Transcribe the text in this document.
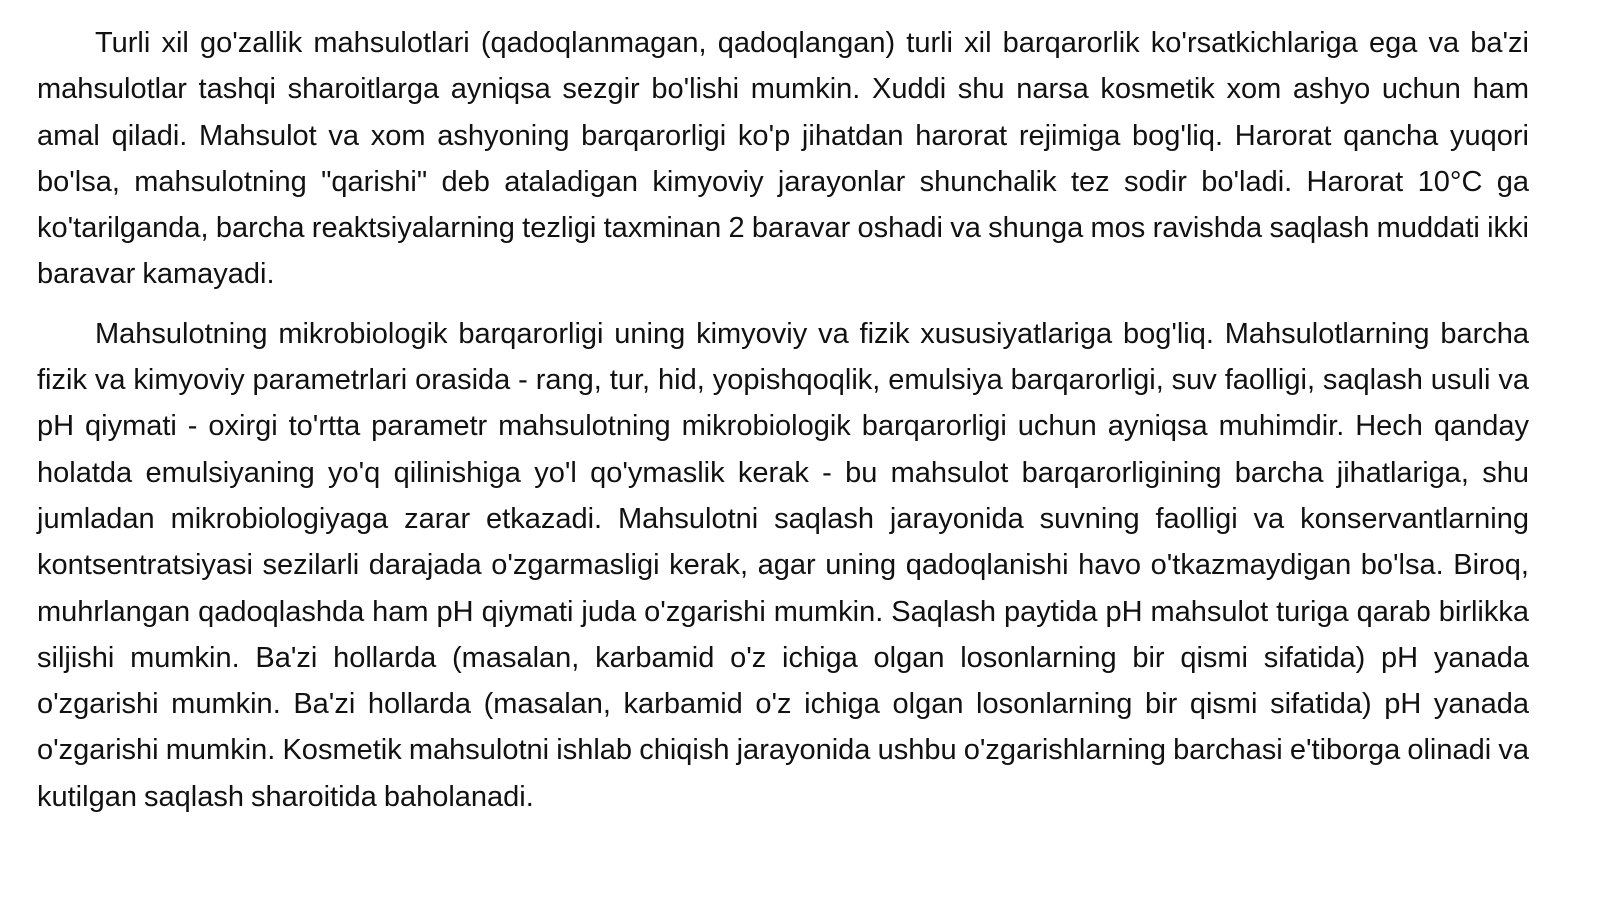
Turli xil go'zallik mahsulotlari (qadoqlanmagan, qadoqlangan) turli xil barqarorlik ko'rsatkichlariga ega va ba'zi mahsulotlar tashqi sharoitlarga ayniqsa sezgir bo'lishi mumkin. Xuddi shu narsa kosmetik xom ashyo uchun ham amal qiladi. Mahsulot va xom ashyoning barqarorligi ko'p jihatdan harorat rejimiga bog'liq. Harorat qancha yuqori bo'lsa, mahsulotning "qarishi" deb ataladigan kimyoviy jarayonlar shunchalik tez sodir bo'ladi. Harorat 10°C ga ko'tarilganda, barcha reaktsiyalarning tezligi taxminan 2 baravar oshadi va shunga mos ravishda saqlash muddati ikki baravar kamayadi.

Mahsulotning mikrobiologik barqarorligi uning kimyoviy va fizik xususiyatlariga bog'liq. Mahsulotlarning barcha fizik va kimyoviy parametrlari orasida - rang, tur, hid, yopishqoqlik, emulsiya barqarorligi, suv faolligi, saqlash usuli va pH qiymati - oxirgi to'rtta parametr mahsulotning mikrobiologik barqarorligi uchun ayniqsa muhimdir. Hech qanday holatda emulsiyaning yo'q qilinishiga yo'l qo'ymaslik kerak - bu mahsulot barqarorligining barcha jihatlariga, shu jumladan mikrobiologiyaga zarar etkazadi. Mahsulotni saqlash jarayonida suvning faolligi va konservantlarning kontsentratsiyasi sezilarli darajada o'zgarmasligi kerak, agar uning qadoqlanishi havo o'tkazmaydigan bo'lsa. Biroq, muhrlangan qadoqlashda ham pH qiymati juda o'zgarishi mumkin. Saqlash paytida pH mahsulot turiga qarab birlikka siljishi mumkin. Ba'zi hollarda (masalan, karbamid o'z ichiga olgan losonlarning bir qismi sifatida) pH yanada o'zgarishi mumkin. Ba'zi hollarda (masalan, karbamid o'z ichiga olgan losonlarning bir qismi sifatida) pH yanada o'zgarishi mumkin. Kosmetik mahsulotni ishlab chiqish jarayonida ushbu o'zgarishlarning barchasi e'tiborga olinadi va kutilgan saqlash sharoitida baholanadi.
